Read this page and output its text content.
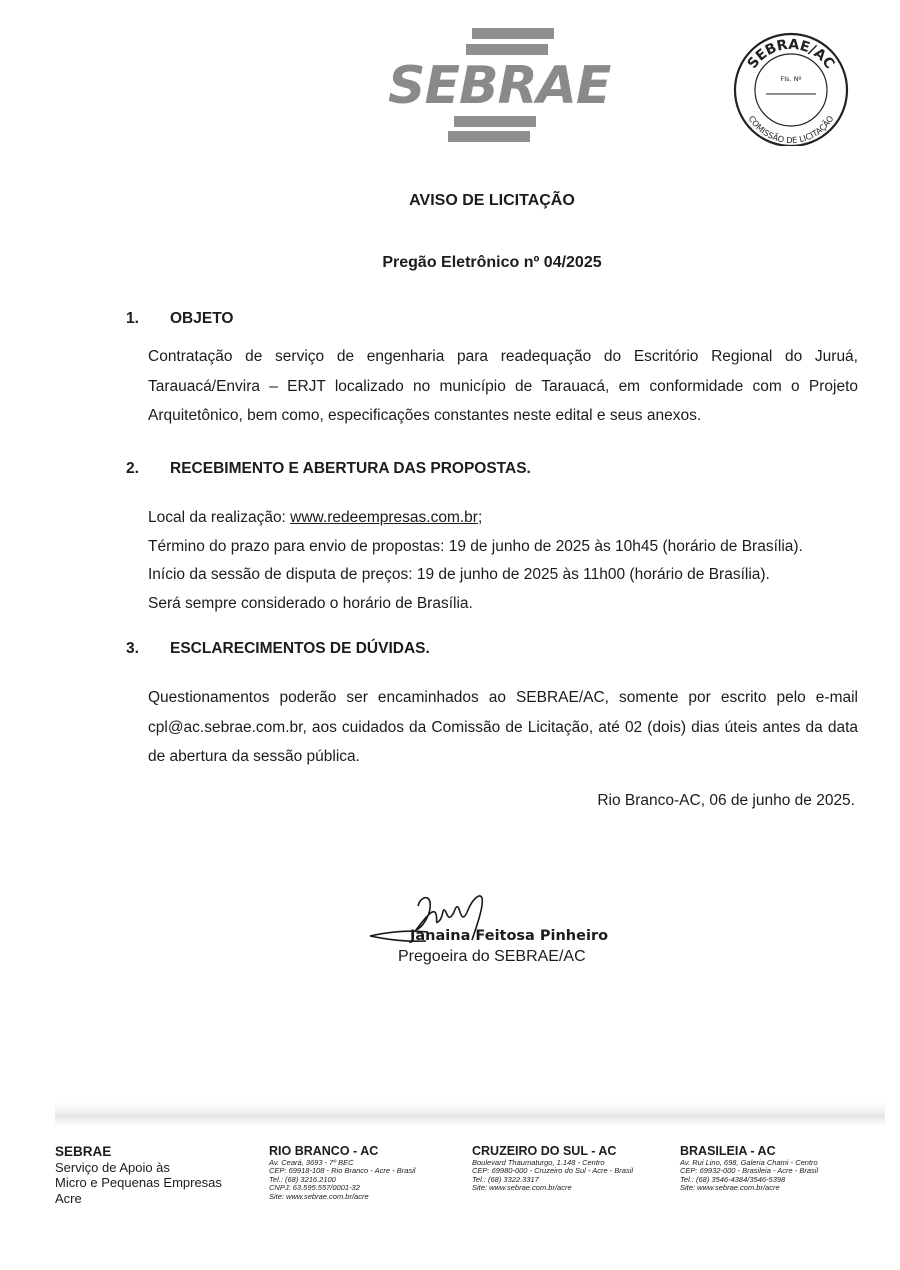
SEBRAE	SEBRAE/AC
COMISSÃO DE LICITAÇÃO
Fls. Nº
AVISO DE LICITAÇÃO
Pregão Eletrônico nº 04/2025
1. OBJETO
Contratação de serviço de engenharia para readequação do Escritório Regional do Juruá, Tarauacá/Envira – ERJT localizado no município de Tarauacá, em conformidade com o Projeto Arquitetônico, bem como, especificações constantes neste edital e seus anexos.
2. RECEBIMENTO E ABERTURA DAS PROPOSTAS.
Local da realização: www.redeempresas.com.br;
Término do prazo para envio de propostas: 19 de junho de 2025 às 10h45 (horário de Brasília).
Início da sessão de disputa de preços: 19 de junho de 2025 às 11h00 (horário de Brasília).
Será sempre considerado o horário de Brasília.
3. ESCLARECIMENTOS DE DÚVIDAS.
Questionamentos poderão ser encaminhados ao SEBRAE/AC, somente por escrito pelo e-mail cpl@ac.sebrae.com.br, aos cuidados da Comissão de Licitação, até 02 (dois) dias úteis antes da data de abertura da sessão pública.
Rio Branco-AC, 06 de junho de 2025.
Janaina Feitosa Pinheiro
Pregoeira do SEBRAE/AC
SEBRAE
Serviço de Apoio às
Micro e Pequenas Empresas
Acre
RIO BRANCO - AC
Av. Ceará, 3693 - 7º BEC
CEP: 69918-108 - Rio Branco - Acre - Brasil
Tel.: (68) 3216.2100
CNPJ: 63.595.557/0001-32
Site: www.sebrae.com.br/acre
CRUZEIRO DO SUL - AC
Boulevard Thaumaturgo, 1.148 - Centro
CEP: 69980-000 - Cruzeiro do Sul - Acre - Brasil
Tel.: (68) 3322.3317
Site: www.sebrae.com.br/acre
BRASILEIA - AC
Av. Rui Lino, 698, Galeria Chami - Centro
CEP: 69932-000 - Brasileia - Acre - Brasil
Tel.: (68) 3546-4384/3546-5398
Site: www.sebrae.com.br/acre
